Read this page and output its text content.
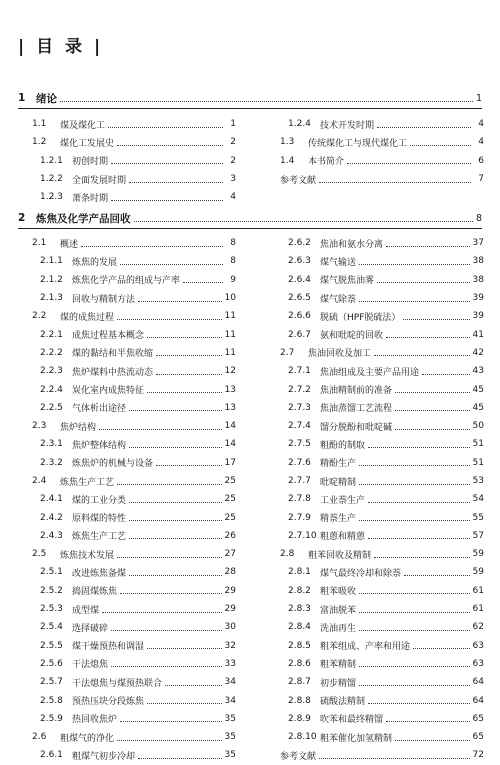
| 目 录 |
1	绪论	1
1.1	煤及煤化工	1
1.2	煤化工发展史	2
1.2.1	初创时期	2
1.2.2	全面发展时期	3
1.2.3	萧条时期	4
1.2.4	技术开发时期	4
1.3	传统煤化工与现代煤化工	4
1.4	本书简介	6
参考文献	7
2	炼焦及化学产品回收	8
2.1	概述	8
2.1.1	炼焦的发展	8
2.1.2	炼焦化学产品的组成与产率	9
2.1.3	回收与精制方法	10
2.2	煤的成焦过程	11
2.2.1	成焦过程基本概念	11
2.2.2	煤的黏结和半焦收缩	11
2.2.3	焦炉煤料中热流动态	12
2.2.4	炭化室内成焦特征	13
2.2.5	气体析出途径	13
2.3	焦炉结构	14
2.3.1	焦炉整体结构	14
2.3.2	炼焦炉的机械与设备	17
2.4	炼焦生产工艺	25
2.4.1	煤的工业分类	25
2.4.2	原料煤的特性	25
2.4.3	炼焦生产工艺	26
2.5	炼焦技术发展	27
2.5.1	改进炼焦备煤	28
2.5.2	捣固煤炼焦	29
2.5.3	成型煤	29
2.5.4	选择破碎	30
2.5.5	煤干燥预热和调湿	32
2.5.6	干法熄焦	33
2.5.7	干法熄焦与煤预热联合	34
2.5.8	预热压块分段炼焦	34
2.5.9	热回收焦炉	35
2.6	粗煤气的净化	35
2.6.1	粗煤气初步冷却	35
2.6.2	焦油和氨水分离	37
2.6.3	煤气输送	38
2.6.4	煤气脱焦油雾	38
2.6.5	煤气除萘	39
2.6.6	脱硫（HPF脱硫法）	39
2.6.7	氨和吡啶的回收	41
2.7	焦油回收及加工	42
2.7.1	焦油组成及主要产品用途	43
2.7.2	焦油精制前的准备	45
2.7.3	焦油蒸馏工艺流程	45
2.7.4	馏分脱酚和吡啶碱	50
2.7.5	粗酚的制取	51
2.7.6	精酚生产	51
2.7.7	吡啶精制	53
2.7.8	工业萘生产	54
2.7.9	精萘生产	55
2.7.10 粗蒽和精蒽	57
2.8	粗苯回收及精制	59
2.8.1	煤气最终冷却和除萘	59
2.8.2	粗苯吸收	61
2.8.3	富油脱苯	61
2.8.4	洗油再生	62
2.8.5	粗苯组成、产率和用途	63
2.8.6	粗苯精制	63
2.8.7	初步精馏	64
2.8.8	硫酸法精制	64
2.8.9	吹苯和最终精馏	65
2.8.10 粗苯催化加氢精制	65
参考文献	72
